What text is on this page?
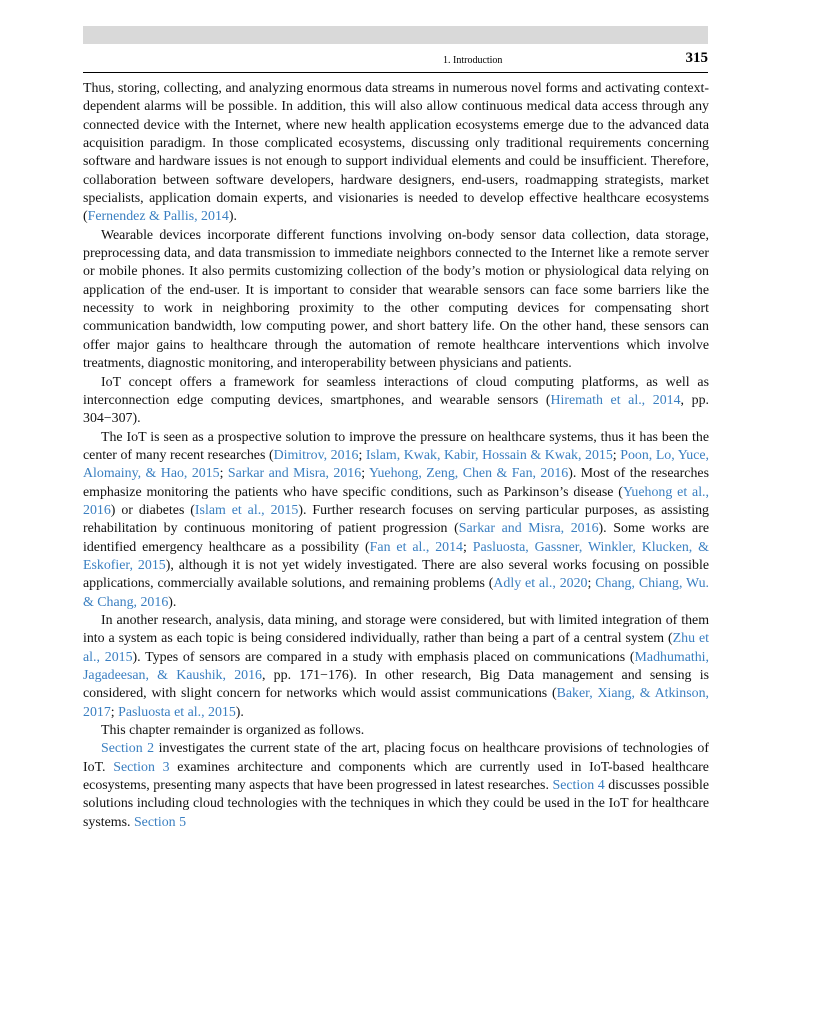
1. Introduction	315

Thus, storing, collecting, and analyzing enormous data streams in numerous novel forms and activating context-dependent alarms will be possible. In addition, this will also allow continuous medical data access through any connected device with the Internet, where new health application ecosystems emerge due to the advanced data acquisition paradigm. In those complicated ecosystems, discussing only traditional requirements concerning software and hardware issues is not enough to support individual elements and could be insufficient. Therefore, collaboration between software developers, hardware designers, end-users, roadmapping strategists, market specialists, application domain experts, and visionaries is needed to develop effective healthcare ecosystems (Fernendez & Pallis, 2014).

Wearable devices incorporate different functions involving on-body sensor data collection, data storage, preprocessing data, and data transmission to immediate neighbors connected to the Internet like a remote server or mobile phones. It also permits customizing collection of the body’s motion or physiological data relying on application of the end-user. It is important to consider that wearable sensors can face some barriers like the necessity to work in neighboring proximity to the other computing devices for compensating short communication bandwidth, low computing power, and short battery life. On the other hand, these sensors can offer major gains to healthcare through the automation of remote healthcare interventions which involve treatments, diagnostic monitoring, and interoperability between physicians and patients.

IoT concept offers a framework for seamless interactions of cloud computing platforms, as well as interconnection edge computing devices, smartphones, and wearable sensors (Hiremath et al., 2014, pp. 304−307).

The IoT is seen as a prospective solution to improve the pressure on healthcare systems, thus it has been the center of many recent researches (Dimitrov, 2016; Islam, Kwak, Kabir, Hossain & Kwak, 2015; Poon, Lo, Yuce, Alomainy, & Hao, 2015; Sarkar and Misra, 2016; Yuehong, Zeng, Chen & Fan, 2016). Most of the researches emphasize monitoring the patients who have specific conditions, such as Parkinson’s disease (Yuehong et al., 2016) or diabetes (Islam et al., 2015). Further research focuses on serving particular purposes, as assisting rehabilitation by continuous monitoring of patient progression (Sarkar and Misra, 2016). Some works are identified emergency healthcare as a possibility (Fan et al., 2014; Pasluosta, Gassner, Winkler, Klucken, & Eskofier, 2015), although it is not yet widely investigated. There are also several works focusing on possible applications, commercially available solutions, and remaining problems (Adly et al., 2020; Chang, Chiang, Wu. & Chang, 2016).

In another research, analysis, data mining, and storage were considered, but with limited integration of them into a system as each topic is being considered individually, rather than being a part of a central system (Zhu et al., 2015). Types of sensors are compared in a study with emphasis placed on communications (Madhumathi, Jagadeesan, & Kaushik, 2016, pp. 171−176). In other research, Big Data management and sensing is considered, with slight concern for networks which would assist communications (Baker, Xiang, & Atkinson, 2017; Pasluosta et al., 2015).

This chapter remainder is organized as follows.

Section 2 investigates the current state of the art, placing focus on healthcare provisions of technologies of IoT. Section 3 examines architecture and components which are currently used in IoT-based healthcare ecosystems, presenting many aspects that have been progressed in latest researches. Section 4 discusses possible solutions including cloud technologies with the techniques in which they could be used in the IoT for healthcare systems. Section 5
